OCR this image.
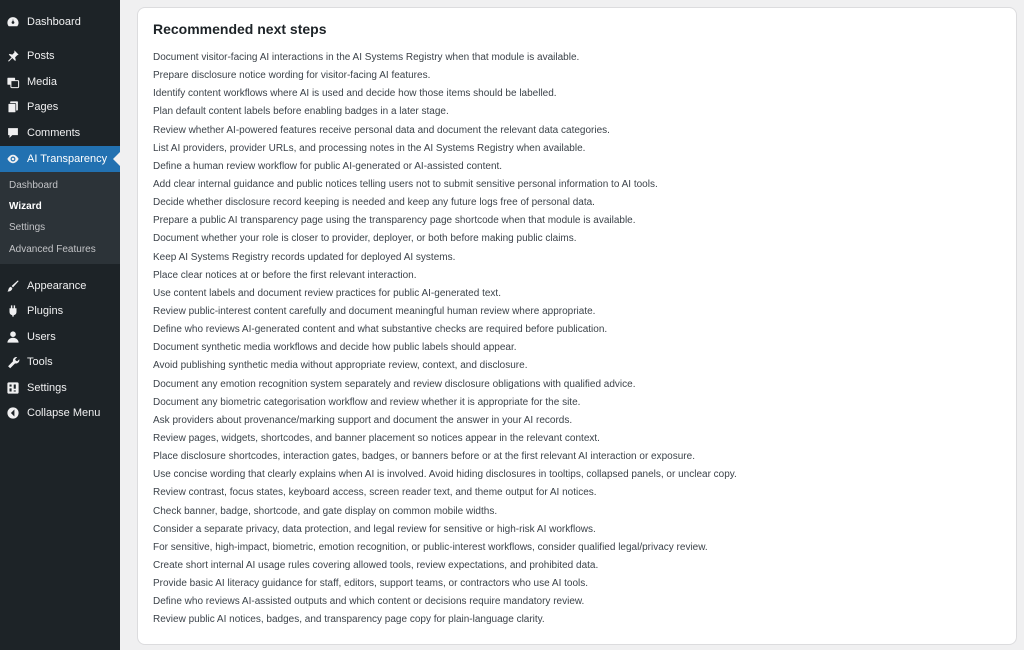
Dashboard
Posts
Media
Pages
Comments
AI Transparency
Appearance
Plugins
Users
Tools
Settings
Collapse Menu
Dashboard
Wizard
Settings
Advanced Features
Recommended next steps
Document visitor-facing AI interactions in the AI Systems Registry when that module is available.
Prepare disclosure notice wording for visitor-facing AI features.
Identify content workflows where AI is used and decide how those items should be labelled.
Plan default content labels before enabling badges in a later stage.
Review whether AI-powered features receive personal data and document the relevant data categories.
List AI providers, provider URLs, and processing notes in the AI Systems Registry when available.
Define a human review workflow for public AI-generated or AI-assisted content.
Add clear internal guidance and public notices telling users not to submit sensitive personal information to AI tools.
Decide whether disclosure record keeping is needed and keep any future logs free of personal data.
Prepare a public AI transparency page using the transparency page shortcode when that module is available.
Document whether your role is closer to provider, deployer, or both before making public claims.
Keep AI Systems Registry records updated for deployed AI systems.
Place clear notices at or before the first relevant interaction.
Use content labels and document review practices for public AI-generated text.
Review public-interest content carefully and document meaningful human review where appropriate.
Define who reviews AI-generated content and what substantive checks are required before publication.
Document synthetic media workflows and decide how public labels should appear.
Avoid publishing synthetic media without appropriate review, context, and disclosure.
Document any emotion recognition system separately and review disclosure obligations with qualified advice.
Document any biometric categorisation workflow and review whether it is appropriate for the site.
Ask providers about provenance/marking support and document the answer in your AI records.
Review pages, widgets, shortcodes, and banner placement so notices appear in the relevant context.
Place disclosure shortcodes, interaction gates, badges, or banners before or at the first relevant AI interaction or exposure.
Use concise wording that clearly explains when AI is involved. Avoid hiding disclosures in tooltips, collapsed panels, or unclear copy.
Review contrast, focus states, keyboard access, screen reader text, and theme output for AI notices.
Check banner, badge, shortcode, and gate display on common mobile widths.
Consider a separate privacy, data protection, and legal review for sensitive or high-risk AI workflows.
For sensitive, high-impact, biometric, emotion recognition, or public-interest workflows, consider qualified legal/privacy review.
Create short internal AI usage rules covering allowed tools, review expectations, and prohibited data.
Provide basic AI literacy guidance for staff, editors, support teams, or contractors who use AI tools.
Define who reviews AI-assisted outputs and which content or decisions require mandatory review.
Review public AI notices, badges, and transparency page copy for plain-language clarity.
